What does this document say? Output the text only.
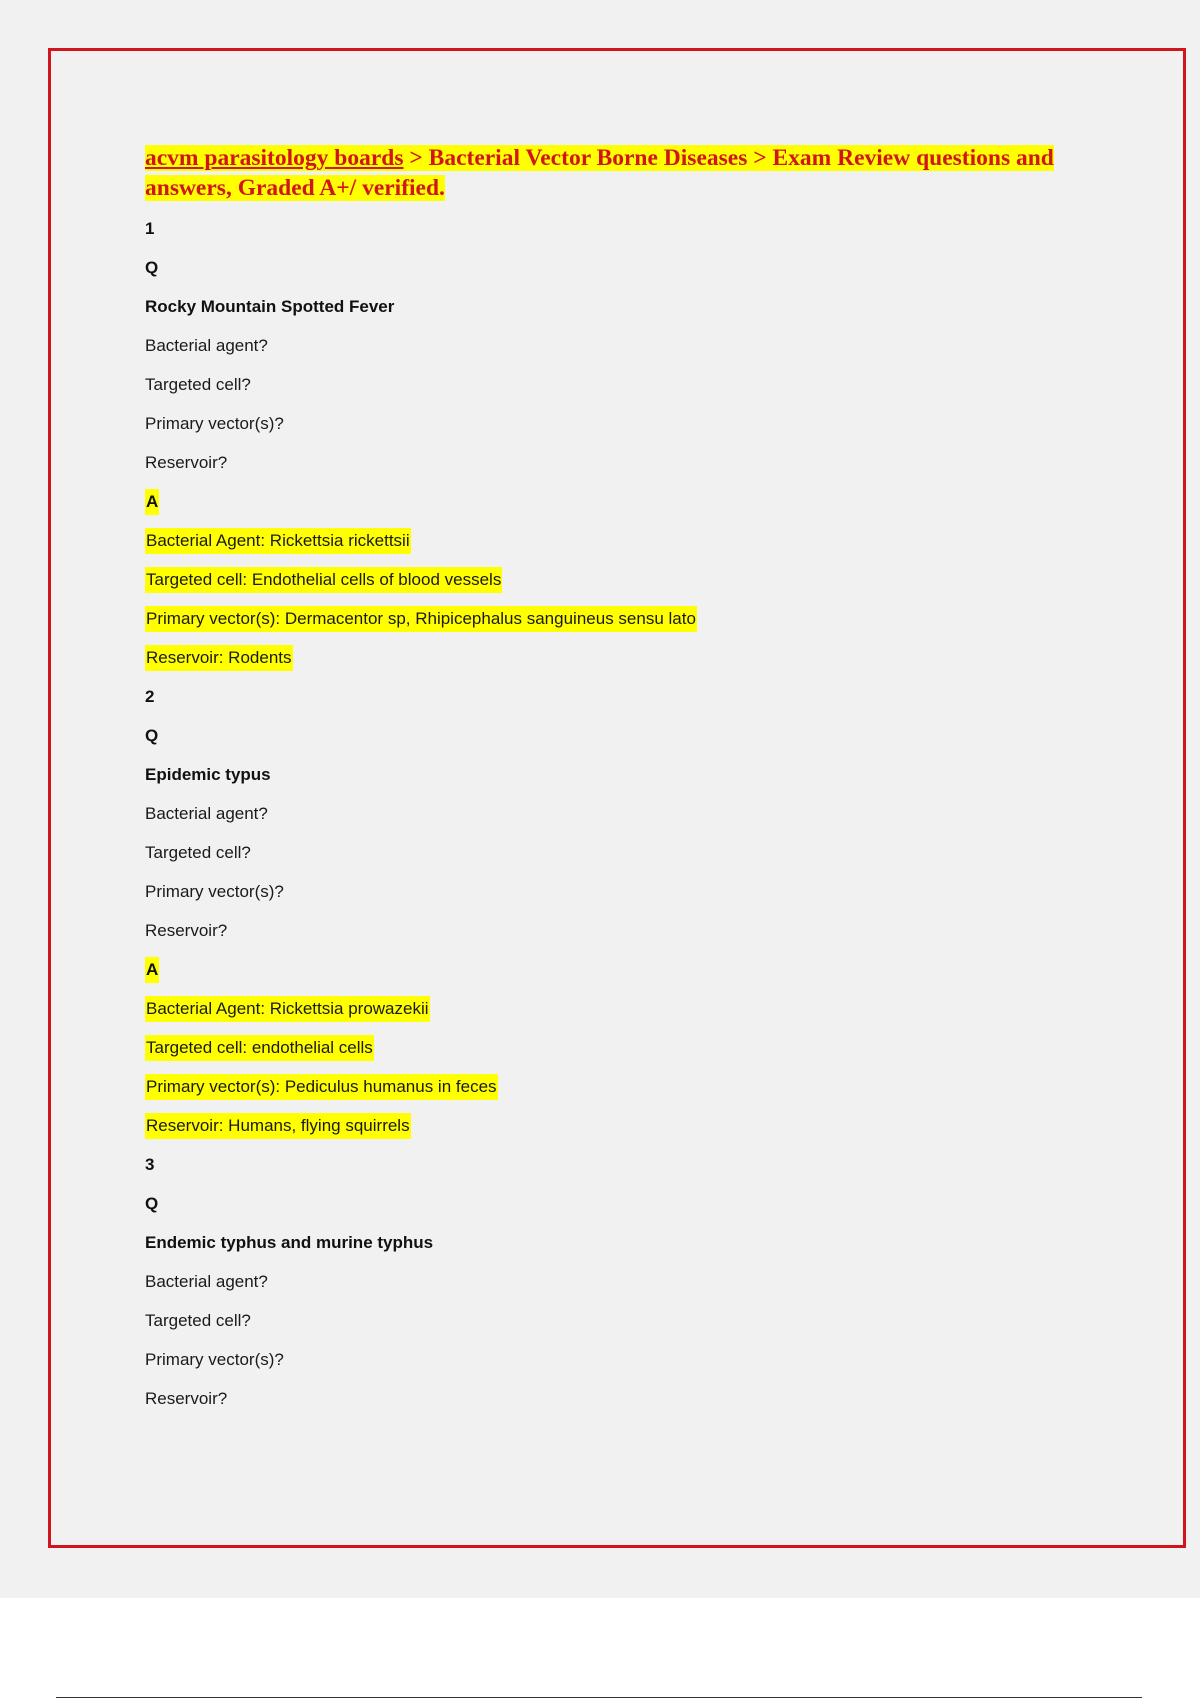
acvm parasitology boards > Bacterial Vector Borne Diseases > Exam Review questions and answers, Graded A+/ verified.
1
Q
Rocky Mountain Spotted Fever
Bacterial agent?
Targeted cell?
Primary vector(s)?
Reservoir?
A
Bacterial Agent: Rickettsia rickettsii
Targeted cell: Endothelial cells of blood vessels
Primary vector(s): Dermacentor sp, Rhipicephalus sanguineus sensu lato
Reservoir: Rodents
2
Q
Epidemic typus
Bacterial agent?
Targeted cell?
Primary vector(s)?
Reservoir?
A
Bacterial Agent: Rickettsia prowazekii
Targeted cell: endothelial cells
Primary vector(s): Pediculus humanus in feces
Reservoir: Humans, flying squirrels
3
Q
Endemic typhus and murine typhus
Bacterial agent?
Targeted cell?
Primary vector(s)?
Reservoir?
